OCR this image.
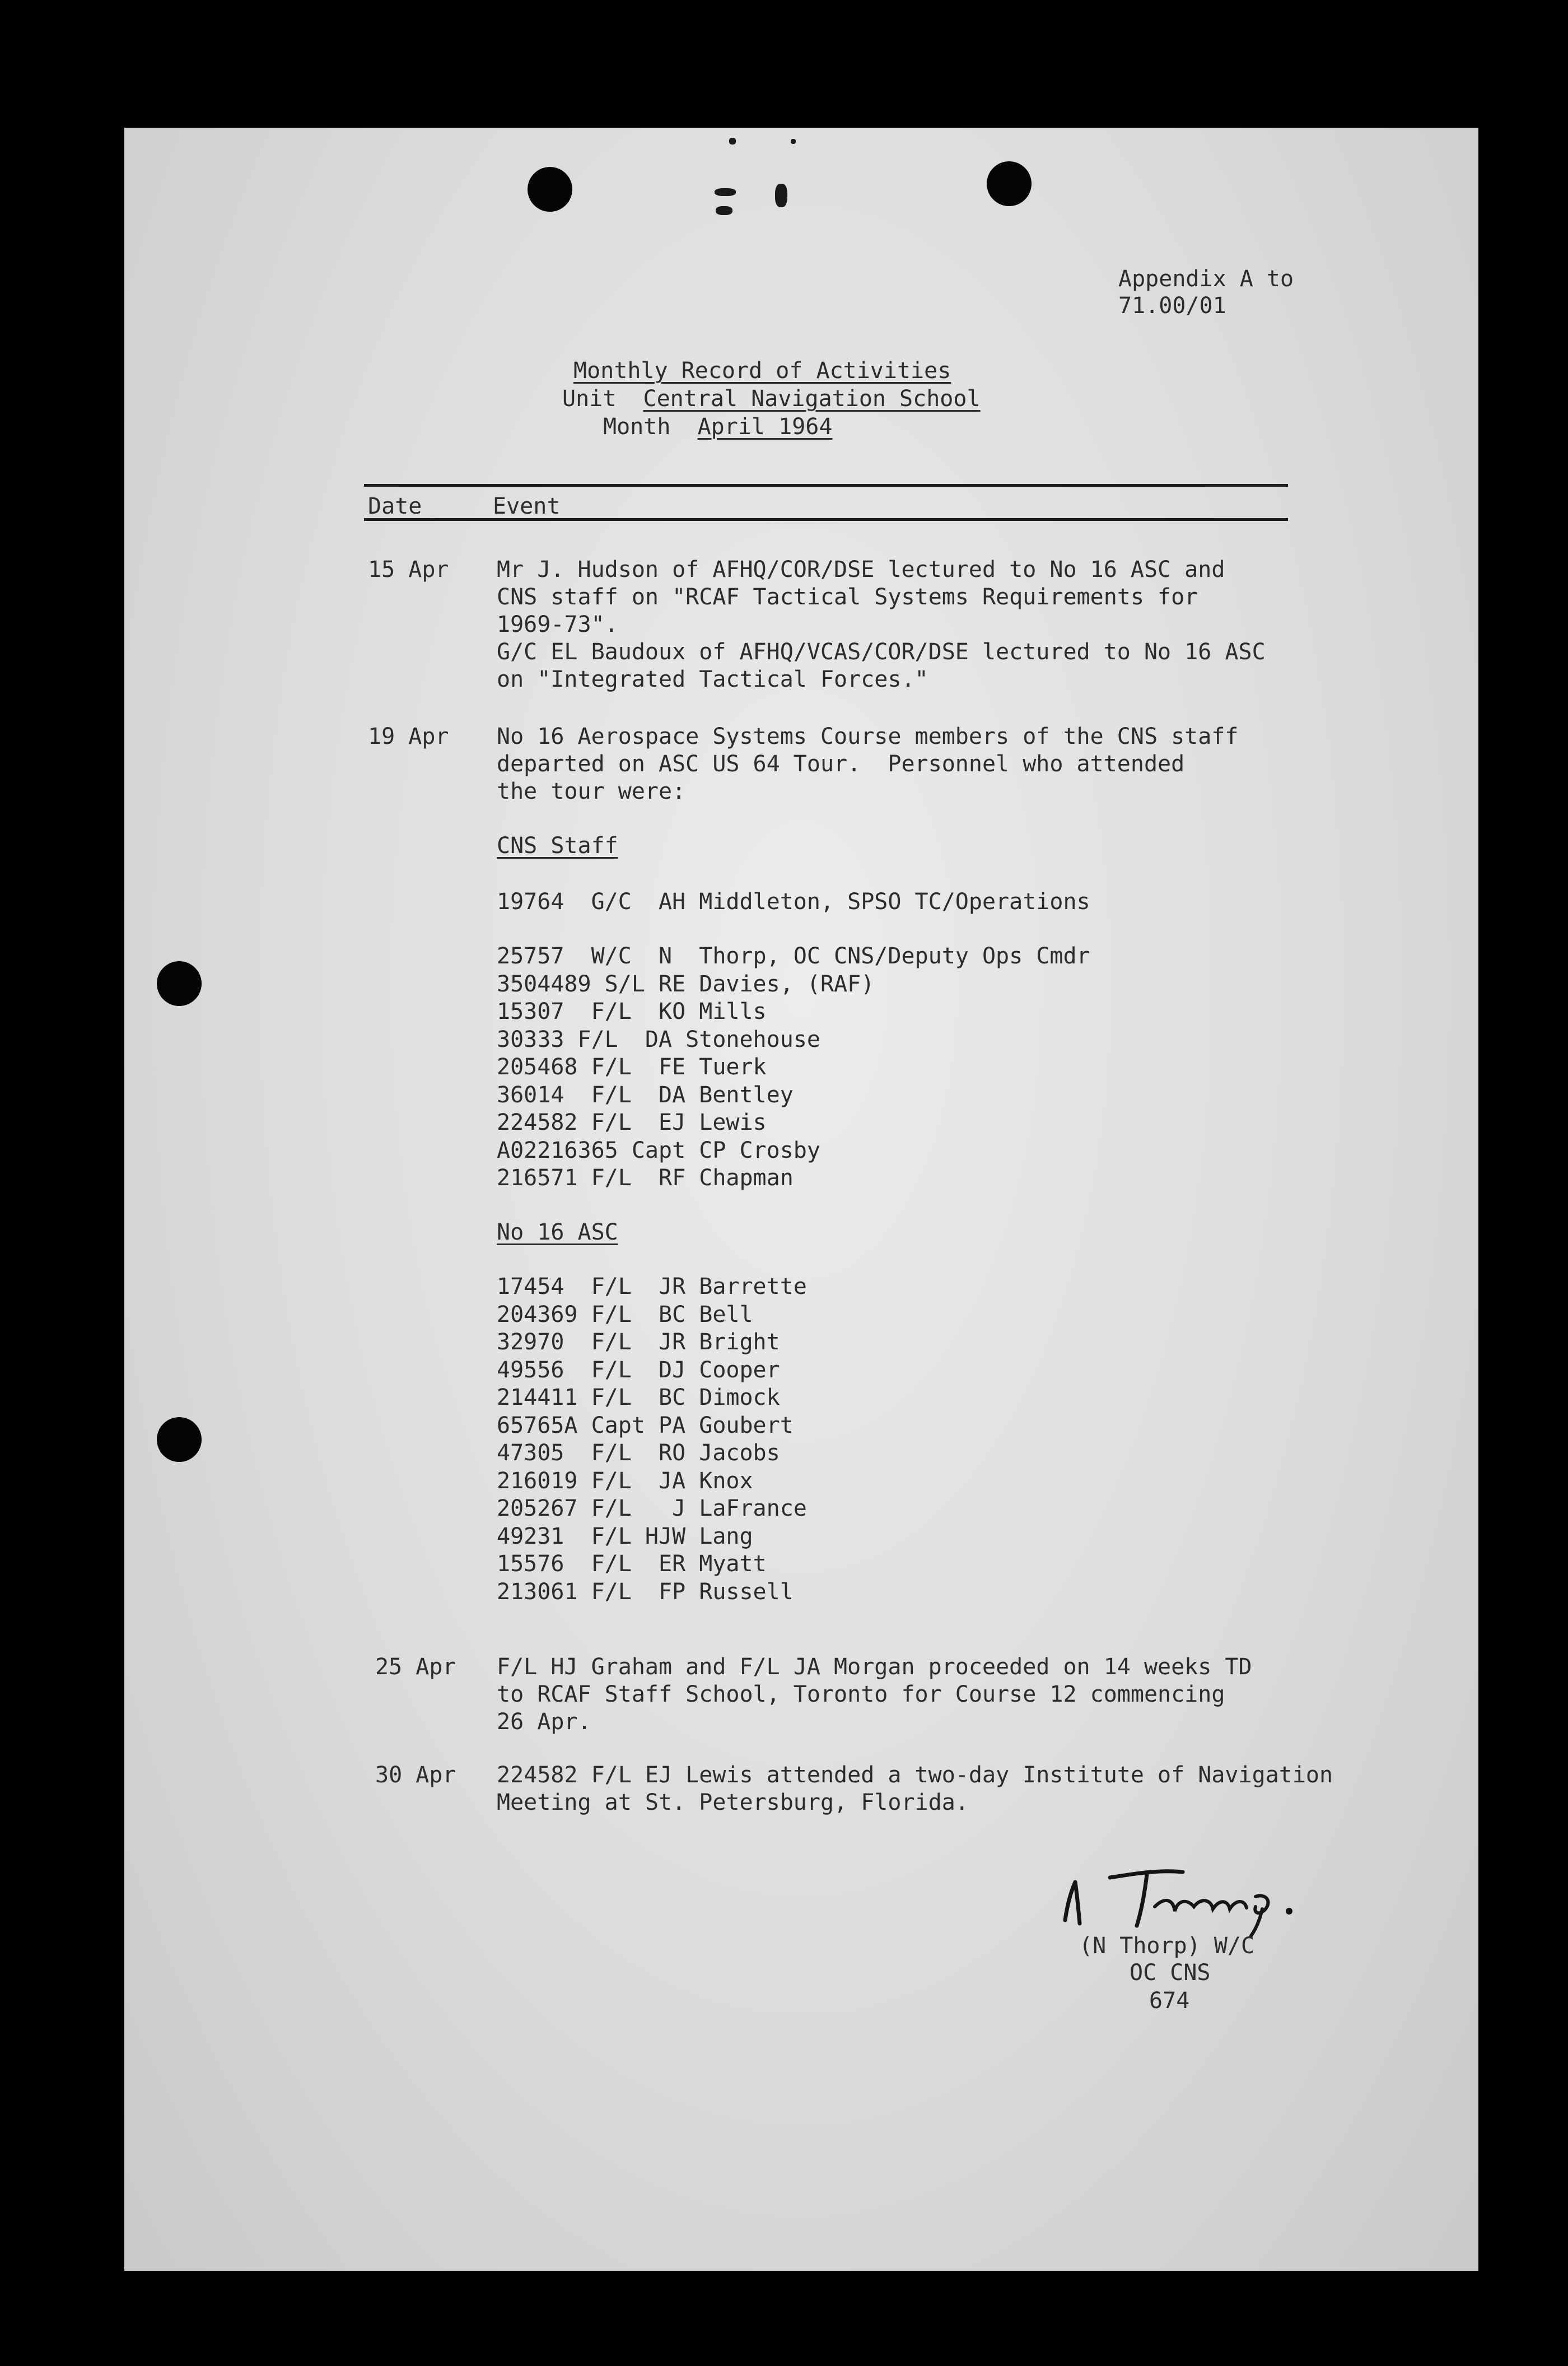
Appendix A to
71.00/01
Monthly Record of Activities
Unit Central Navigation School
Month April 1964
Date	Event
15 Apr Mr J. Hudson of AFHQ/COR/DSE lectured to No 16 ASC and
CNS staff on "RCAF Tactical Systems Requirements for
1969-73".
G/C EL Baudoux of AFHQ/VCAS/COR/DSE lectured to No 16 ASC
on "Integrated Tactical Forces."
19 Apr No 16 Aerospace Systems Course members of the CNS staff
departed on ASC US 64 Tour.  Personnel who attended
the tour were:
CNS Staff
19764  G/C  AH Middleton, SPSO TC/Operations
25757  W/C  N  Thorp, OC CNS/Deputy Ops Cmdr
3504489 S/L RE Davies, (RAF)
15307  F/L  KO Mills
30333 F/L  DA Stonehouse
205468 F/L  FE Tuerk
36014  F/L  DA Bentley
224582 F/L  EJ Lewis
A02216365 Capt CP Crosby
216571 F/L  RF Chapman
No 16 ASC
17454  F/L  JR Barrette
204369 F/L  BC Bell
32970  F/L  JR Bright
49556  F/L  DJ Cooper
214411 F/L  BC Dimock
65765A Capt PA Goubert
47305  F/L  RO Jacobs
216019 F/L  JA Knox
205267 F/L   J LaFrance
49231  F/L HJW Lang
15576  F/L  ER Myatt
213061 F/L  FP Russell
25 Apr F/L HJ Graham and F/L JA Morgan proceeded on 14 weeks TD
to RCAF Staff School, Toronto for Course 12 commencing
26 Apr.
30 Apr 224582 F/L EJ Lewis attended a two-day Institute of Navigation
Meeting at St. Petersburg, Florida.
(N Thorp) W/C
OC CNS
674
